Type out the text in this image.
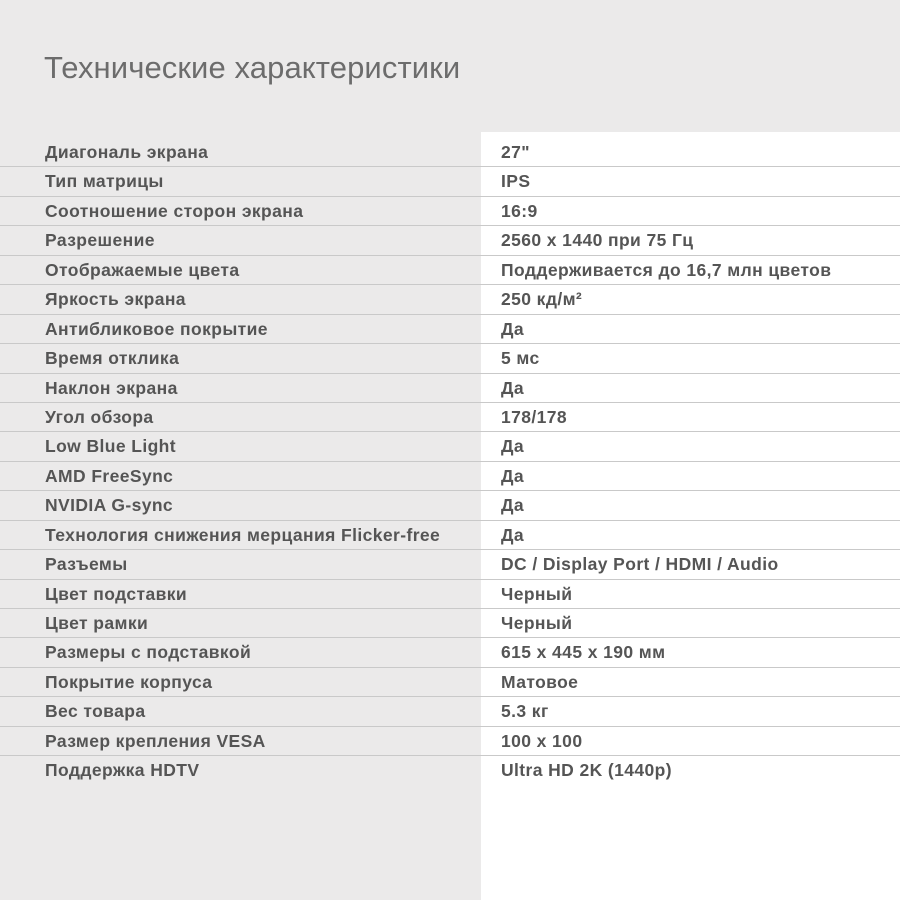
Технические характеристики
Диагональ экрана	27"
Тип матрицы	IPS
Соотношение сторон экрана	16:9
Разрешение	2560 x 1440 при 75 Гц
Отображаемые цвета	Поддерживается до 16,7 млн цветов
Яркость экрана	250 кд/м²
Антибликовое покрытие	Да
Время отклика	5 мс
Наклон экрана	Да
Угол обзора	178/178
Low Blue Light	Да
AMD FreeSync	Да
NVIDIA G-sync	Да
Технология снижения мерцания Flicker-free	Да
Разъемы	DC / Display Port / HDMI / Audio
Цвет подставки	Черный
Цвет рамки	Черный
Размеры с подставкой	615 x 445 x 190 мм
Покрытие корпуса	Матовое
Вес товара	5.3 кг
Размер крепления VESA	100 x 100
Поддержка HDTV	Ultra HD 2K (1440p)
